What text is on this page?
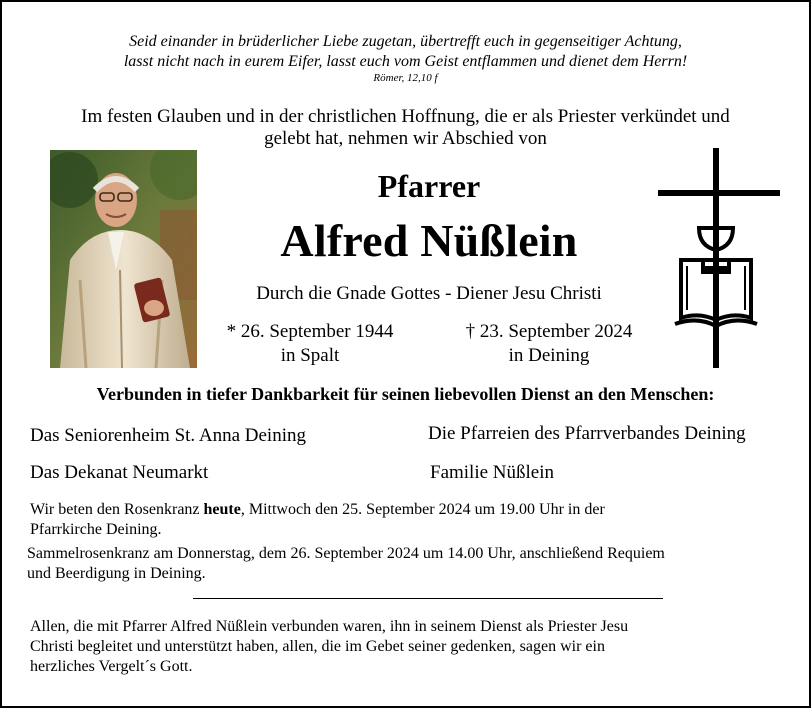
Seid einander in brüderlicher Liebe zugetan, übertrefft euch in gegenseitiger Achtung,
lasst nicht nach in eurem Eifer, lasst euch vom Geist entflammen und dienet dem Herrn!
Römer, 12,10 f
Im festen Glauben und in der christlichen Hoffnung, die er als Priester verkündet und
gelebt hat, nehmen wir Abschied von
Pfarrer
Alfred Nüßlein
Durch die Gnade Gottes - Diener Jesu Christi
* 26. September 1944
in Spalt
† 23. September 2024
in Deining
Verbunden in tiefer Dankbarkeit für seinen liebevollen Dienst an den Menschen:
Das Seniorenheim St. Anna Deining	Die Pfarreien des Pfarrverbandes Deining
Das Dekanat Neumarkt	Familie Nüßlein
Wir beten den Rosenkranz heute, Mittwoch den 25. September 2024 um 19.00 Uhr in der
Pfarrkirche Deining.
Sammelrosenkranz am Donnerstag, dem 26. September 2024 um 14.00 Uhr, anschließend Requiem
und Beerdigung in Deining.
Allen, die mit Pfarrer Alfred Nüßlein verbunden waren, ihn in seinem Dienst als Priester Jesu
Christi begleitet und unterstützt haben, allen, die im Gebet seiner gedenken, sagen wir ein
herzliches Vergelt´s Gott.
